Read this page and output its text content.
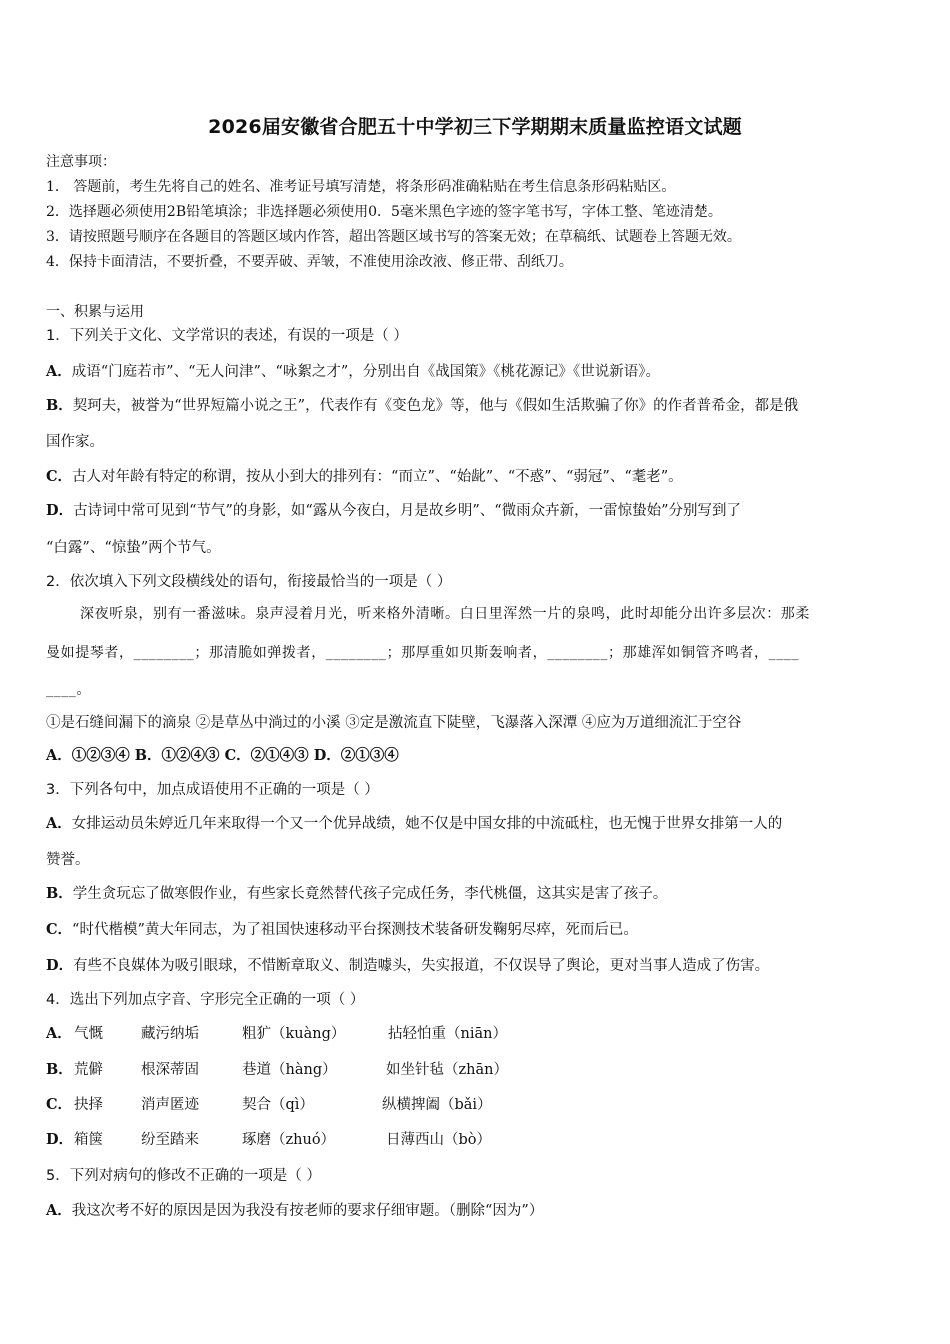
2026届安徽省合肥五十中学初三下学期期末质量监控语文试题
注意事项：
1． 答题前，考生先将自己的姓名、准考证号填写清楚，将条形码准确粘贴在考生信息条形码粘贴区。
2．选择题必须使用2B铅笔填涂；非选择题必须使用0．5毫米黑色字迹的签字笔书写，字体工整、笔迹清楚。
3．请按照题号顺序在各题目的答题区域内作答，超出答题区域书写的答案无效；在草稿纸、试题卷上答题无效。
4．保持卡面清洁，不要折叠，不要弄破、弄皱，不准使用涂改液、修正带、刮纸刀。
一、积累与运用
1．下列关于文化、文学常识的表述，有误的一项是（ ）
A．成语“门庭若市”、“无人问津”、“咏絮之才”，分别出自《战国策》《桃花源记》《世说新语》。
B．契珂夫，被誉为“世界短篇小说之王”，代表作有《变色龙》等，他与《假如生活欺骗了你》的作者普希金，都是俄
国作家。
C．古人对年龄有特定的称谓，按从小到大的排列有：“而立”、“始龀”、“不惑”、“弱冠”、“耄老”。
D．古诗词中常可见到“节气”的身影，如“露从今夜白，月是故乡明”、“微雨众卉新，一雷惊蛰始”分别写到了
“白露”、“惊蛰”两个节气。
2．依次填入下列文段横线处的语句，衔接最恰当的一项是（ ）
深夜听泉，别有一番滋味。泉声浸着月光，听来格外清晰。白日里浑然一片的泉鸣，此时却能分出许多层次：那柔
曼如提琴者，________；那清脆如弹拨者，________；那厚重如贝斯轰响者，________；那雄浑如铜管齐鸣者，____
____。
①是石缝间漏下的滴泉 ②是草丛中淌过的小溪 ③定是激流直下陡壁，飞瀑落入深潭 ④应为万道细流汇于空谷
A．①②③④ B．①②④③ C．②①④③ D．②①③④
3．下列各句中，加点成语使用不正确的一项是（ ）
A．女排运动员朱婷近几年来取得一个又一个优异战绩，她不仅是中国女排的中流砥柱，也无愧于世界女排第一人的
赞誉。
B．学生贪玩忘了做寒假作业，有些家长竟然替代孩子完成任务，李代桃僵，这其实是害了孩子。
C．“时代楷模”黄大年同志，为了祖国快速移动平台探测技术装备研发鞠躬尽瘁，死而后已。
D．有些不良媒体为吸引眼球，不惜断章取义、制造噱头，失实报道，不仅误导了舆论，更对当事人造成了伤害。
4．选出下列加点字音、字形完全正确的一项（ ）
A． 气慨	藏污纳垢	粗犷（kuàng）	拈轻怕重（niān）
B． 荒僻	根深蒂固	巷道（hàng）	如坐针毡（zhān）
C． 抉择	消声匿迹	契合（qì）	纵横捭阖（bǎi）
D． 箱箧	纷至踏来	琢磨（zhuó）	日薄西山（bò）
5．下列对病句的修改不正确的一项是（ ）
A．我这次考不好的原因是因为我没有按老师的要求仔细审题。（删除“因为”）
